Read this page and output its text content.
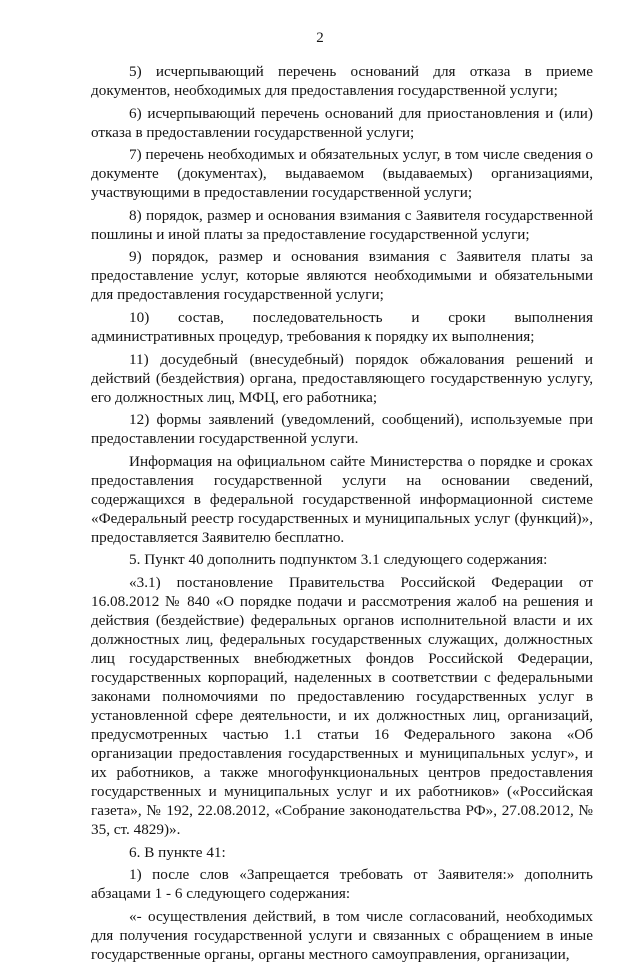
2

5) исчерпывающий перечень оснований для отказа в приеме документов, необходимых для предоставления государственной услуги;

6) исчерпывающий перечень оснований для приостановления и (или) отказа в предоставлении государственной услуги;

7) перечень необходимых и обязательных услуг, в том числе сведения о документе (документах), выдаваемом (выдаваемых) организациями, участвующими в предоставлении государственной услуги;

8) порядок, размер и основания взимания с Заявителя государственной пошлины и иной платы за предоставление государственной услуги;

9) порядок, размер и основания взимания с Заявителя платы за предоставление услуг, которые являются необходимыми и обязательными для предоставления государственной услуги;

10) состав, последовательность и сроки выполнения административных процедур, требования к порядку их выполнения;

11) досудебный (внесудебный) порядок обжалования решений и действий (бездействия) органа, предоставляющего государственную услугу, его должностных лиц, МФЦ, его работника;

12) формы заявлений (уведомлений, сообщений), используемые при предоставлении государственной услуги.

Информация на официальном сайте Министерства о порядке и сроках предоставления государственной услуги на основании сведений, содержащихся в федеральной государственной информационной системе «Федеральный реестр государственных и муниципальных услуг (функций)», предоставляется Заявителю бесплатно.

5. Пункт 40 дополнить подпунктом 3.1 следующего содержания:

«3.1) постановление Правительства Российской Федерации от 16.08.2012 № 840 «О порядке подачи и рассмотрения жалоб на решения и действия (бездействие) федеральных органов исполнительной власти и их должностных лиц, федеральных государственных служащих, должностных лиц государственных внебюджетных фондов Российской Федерации, государственных корпораций, наделенных в соответствии с федеральными законами полномочиями по предоставлению государственных услуг в установленной сфере деятельности, и их должностных лиц, организаций, предусмотренных частью 1.1 статьи 16 Федерального закона «Об организации предоставления государственных и муниципальных услуг», и их работников, а также многофункциональных центров предоставления государственных и муниципальных услуг и их работников» («Российская газета», № 192, 22.08.2012, «Собрание законодательства РФ», 27.08.2012, № 35, ст. 4829)».

6. В пункте 41:

1) после слов «Запрещается требовать от Заявителя:» дополнить абзацами 1 - 6 следующего содержания:

«- осуществления действий, в том числе согласований, необходимых для получения государственной услуги и связанных с обращением в иные государственные органы, органы местного самоуправления, организации,
